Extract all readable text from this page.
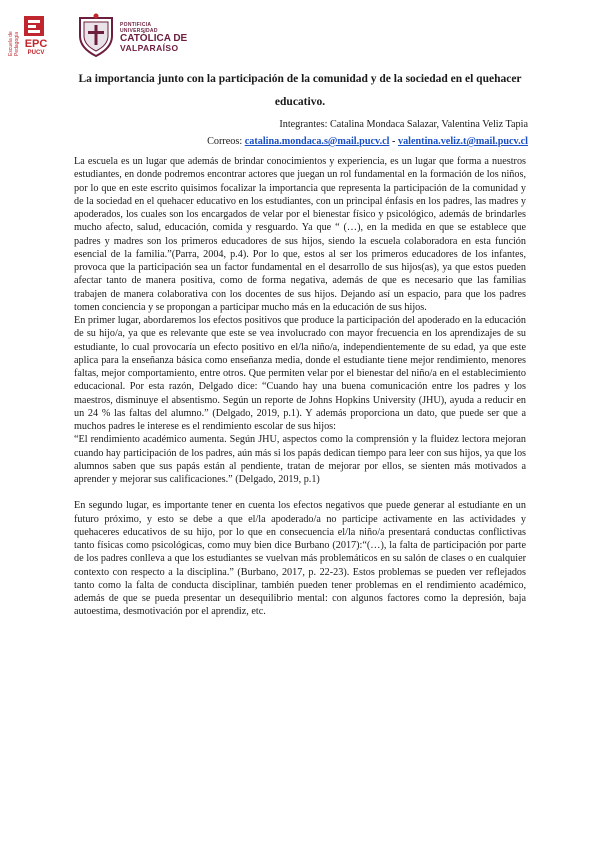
Escuela de Pedagogía EPC
PUCV
PONTIFICIA
UNIVERSIDAD
CATÓLICA DE
VALPARAÍSO
La importancia junto con la participación de la comunidad y de la sociedad en el quehacer educativo.
Integrantes: Catalina Mondaca Salazar, Valentina Veliz Tapia
Correos: catalina.mondaca.s@mail.pucv.cl - valentina.veliz.t@mail.pucv.cl

La escuela es un lugar que además de brindar conocimientos y experiencia, es un lugar que forma a nuestros estudiantes, en donde podremos encontrar actores que juegan un rol fundamental en la formación de los niños, por lo que en este escrito quisimos focalizar la importancia que representa la participación de la comunidad y de la sociedad en el quehacer educativo en los estudiantes, con un principal énfasis en los padres, las madres y apoderados, los cuales son los encargados de velar por el bienestar físico y psicológico, además de brindarles mucho afecto, salud, educación, comida y resguardo. Ya que “ (…), en la medida en que se establece que padres y madres son los primeros educadores de sus hijos, siendo la escuela colaboradora en esta función esencial de la familia.”(Parra, 2004, p.4). Por lo que, estos al ser los primeros educadores de los infantes, provoca que la participación sea un factor fundamental en el desarrollo de sus hijos(as), ya que estos pueden afectar tanto de manera positiva, como de forma negativa, además de que es necesario que las familias trabajen de manera colaborativa con los docentes de sus hijos. Dejando así un espacio, para que los padres tomen conciencia y se propongan a participar mucho más en la educación de sus hijos.

En primer lugar, abordaremos los efectos positivos que produce la participación del apoderado en la educación de su hijo/a, ya que es relevante que este se vea involucrado con mayor frecuencia en los aprendizajes de su estudiante, lo cual provocaría un efecto positivo en el/la niño/a, independientemente de su edad, ya que este aplica para la enseñanza básica como enseñanza media, donde el estudiante tiene mejor rendimiento, menores faltas, mejor comportamiento, entre otros. Que permiten velar por el bienestar del niño/a en el establecimiento educacional. Por esta razón, Delgado dice: “Cuando hay una buena comunicación entre los padres y los maestros, disminuye el absentismo. Según un reporte de Johns Hopkins University (JHU), ayuda a reducir en un 24 % las faltas del alumno.” (Delgado, 2019, p.1). Y además proporciona un dato, que puede ser que a muchos padres le interese es el rendimiento escolar de sus hijos:

“El rendimiento académico aumenta. Según JHU, aspectos como la comprensión y la fluidez lectora mejoran cuando hay participación de los padres, aún más si los papás dedican tiempo para leer con sus hijos, ya que los alumnos saben que sus papás están al pendiente, tratan de mejorar por ellos, se sienten más motivados a aprender y mejorar sus calificaciones.” (Delgado, 2019, p.1)

En segundo lugar, es importante tener en cuenta los efectos negativos que puede generar al estudiante en un futuro próximo, y esto se debe a que el/la apoderado/a no participe activamente en las actividades y quehaceres educativos de su hijo, por lo que en consecuencia el/la niño/a presentará conductas conflictivas tanto físicas como psicológicas, como muy bien dice Burbano (2017):“(…), la falta de participación por parte de los padres conlleva a que los estudiantes se vuelvan más problemáticos en su salón de clases o en cualquier contexto con respecto a la disciplina.” (Burbano, 2017, p. 22-23). Estos problemas se pueden ver reflejados tanto como la falta de conducta disciplinar, también pueden tener problemas en el rendimiento académico, además de que se pueda presentar un desequilibrio mental: con algunos factores como la depresión, baja autoestima, desmotivación por el aprendiz, etc.
